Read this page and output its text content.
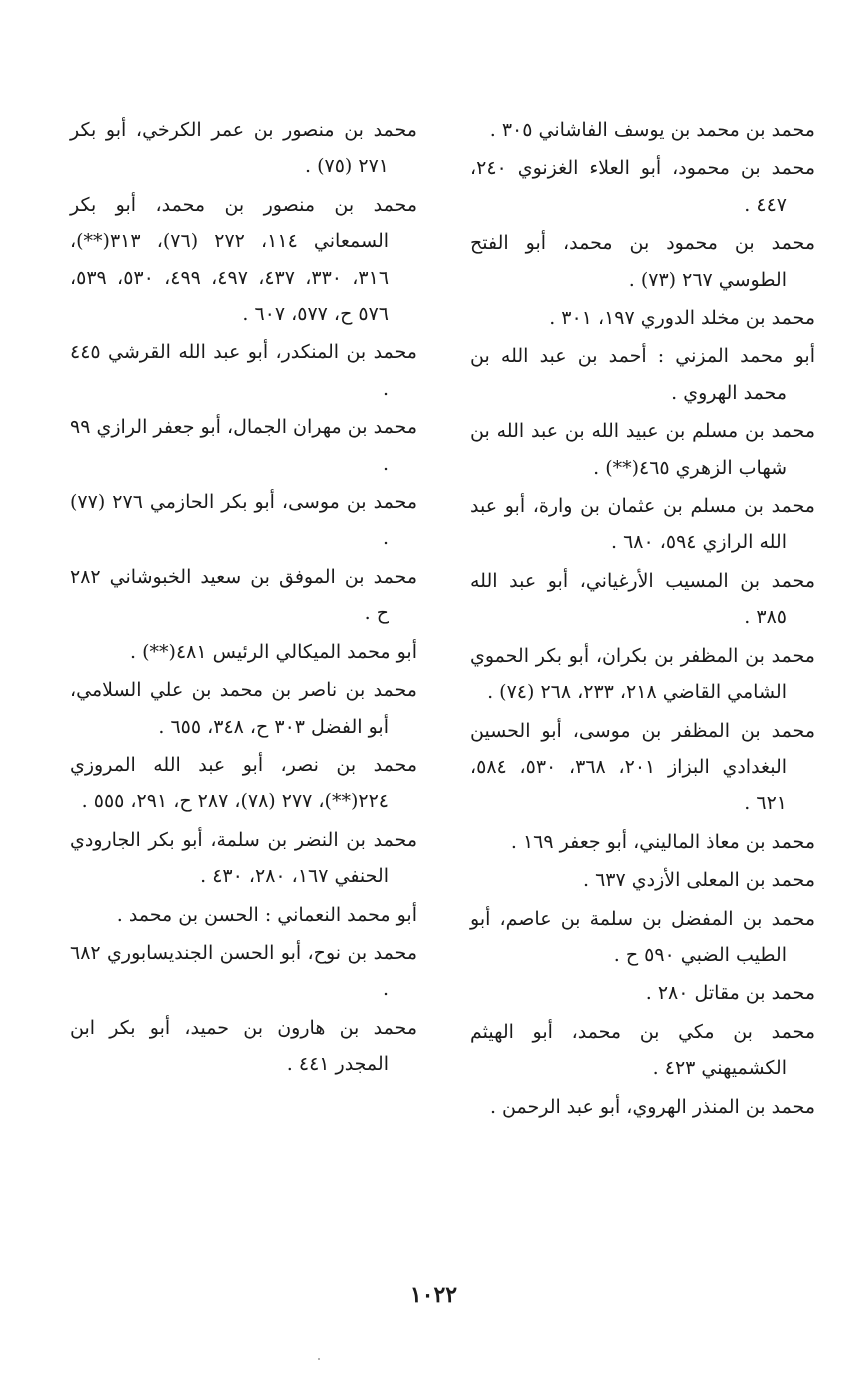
محمد بن محمد بن يوسف الفاشاني ٣٠٥ .

محمد بن محمود، أبو العلاء الغزنوي ٢٤٠، ٤٤٧ .

محمد بن محمود بن محمد، أبو الفتح الطوسي ٢٦٧ (٧٣) .

محمد بن مخلد الدوري ١٩٧، ٣٠١ .

أبو محمد المزني : أحمد بن عبد الله بن محمد الهروي .

محمد بن مسلم بن عبيد الله بن عبد الله بن شهاب الزهري ٤٦٥(**) .

محمد بن مسلم بن عثمان بن وارة، أبو عبد الله الرازي ٥٩٤، ٦٨٠ .

محمد بن المسيب الأرغياني، أبو عبد الله ٣٨٥ .

محمد بن المظفر بن بكران، أبو بكر الحموي الشامي القاضي ٢١٨، ٢٣٣، ٢٦٨ (٧٤) .

محمد بن المظفر بن موسى، أبو الحسين البغدادي البزاز ٢٠١، ٣٦٨، ٥٣٠، ٥٨٤، ٦٢١ .

محمد بن معاذ الماليني، أبو جعفر ١٦٩ .

محمد بن المعلى الأزدي ٦٣٧ .

محمد بن المفضل بن سلمة بن عاصم، أبو الطيب الضبي ٥٩٠ ح .

محمد بن مقاتل ٢٨٠ .

محمد بن مكي بن محمد، أبو الهيثم الكشميهني ٤٢٣ .

محمد بن المنذر الهروي، أبو عبد الرحمن .

محمد بن منصور بن عمر الكرخي، أبو بكر ٢٧١ (٧٥) .

محمد بن منصور بن محمد، أبو بكر السمعاني ١١٤، ٢٧٢ (٧٦)، ٣١٣(**)، ٣١٦، ٣٣٠، ٤٣٧، ٤٩٧، ٤٩٩، ٥٣٠، ٥٣٩، ٥٧٦ ح، ٥٧٧، ٦٠٧ .

محمد بن المنكدر، أبو عبد الله القرشي ٤٤٥ .

محمد بن مهران الجمال، أبو جعفر الرازي ٩٩ .

محمد بن موسى، أبو بكر الحازمي ٢٧٦ (٧٧) .

محمد بن الموفق بن سعيد الخبوشاني ٢٨٢ ح .

أبو محمد الميكالي الرئيس ٤٨١(**) .

محمد بن ناصر بن محمد بن علي السلامي، أبو الفضل ٣٠٣ ح، ٣٤٨، ٦٥٥ .

محمد بن نصر، أبو عبد الله المروزي ٢٢٤(**)، ٢٧٧ (٧٨)، ٢٨٧ ح، ٢٩١، ٥٥٥ .

محمد بن النضر بن سلمة، أبو بكر الجارودي الحنفي ١٦٧، ٢٨٠، ٤٣٠ .

أبو محمد النعماني : الحسن بن محمد .

محمد بن نوح، أبو الحسن الجنديسابوري ٦٨٢ .

محمد بن هارون بن حميد، أبو بكر ابن المجدر ٤٤١ .

١٠٢٢
